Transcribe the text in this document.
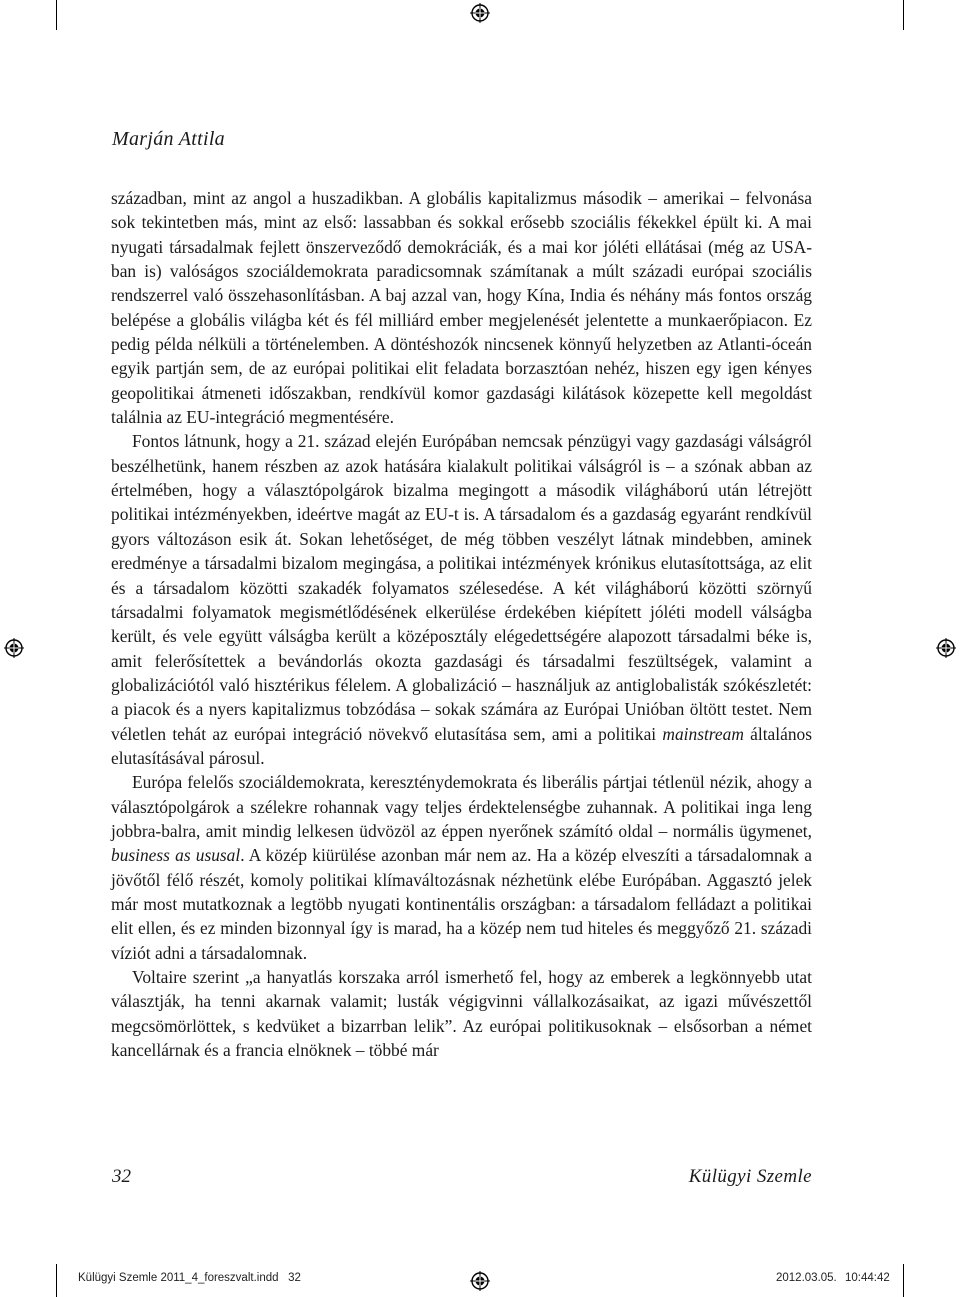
Marján Attila

században, mint az angol a huszadikban. A globális kapitalizmus második – amerikai – felvonása sok tekintetben más, mint az első: lassabban és sokkal erősebb szociális fékekkel épült ki. A mai nyugati társadalmak fejlett önszerveződő demokráciák, és a mai kor jóléti ellátásai (még az USA-ban is) valóságos szociáldemokrata paradicsomnak számítanak a múlt századi európai szociális rendszerrel való összehasonlításban. A baj azzal van, hogy Kína, India és néhány más fontos ország belépése a globális világba két és fél milliárd ember megjelenését jelentette a munkaerőpiacon. Ez pedig példa nélküli a történelemben. A döntéshozók nincsenek könnyű helyzetben az Atlanti-óceán egyik partján sem, de az európai politikai elit feladata borzasztóan nehéz, hiszen egy igen kényes geopolitikai átmeneti időszakban, rendkívül komor gazdasági kilátások közepette kell megoldást találnia az EU-integráció megmentésére.

Fontos látnunk, hogy a 21. század elején Európában nemcsak pénzügyi vagy gazdasági válságról beszélhetünk, hanem részben az azok hatására kialakult politikai válságról is – a szónak abban az értelmében, hogy a választópolgárok bizalma megingott a második világháború után létrejött politikai intézményekben, ideértve magát az EU-t is. A társadalom és a gazdaság egyaránt rendkívül gyors változáson esik át. Sokan lehetőséget, de még többen veszélyt látnak mindebben, aminek eredménye a társadalmi bizalom megingása, a politikai intézmények krónikus elutasítottsága, az elit és a társadalom közötti szakadék folyamatos szélesedése. A két világháború közötti szörnyű társadalmi folyamatok megismétlődésének elkerülése érdekében kiépített jóléti modell válságba került, és vele együtt válságba került a középosztály elégedettségére alapozott társadalmi béke is, amit felerősítettek a bevándorlás okozta gazdasági és társadalmi feszültségek, valamint a globalizációtól való hisztérikus félelem. A globalizáció – használjuk az antiglobalisták szókészletét: a piacok és a nyers kapitalizmus tobzódása – sokak számára az Európai Unióban öltött testet. Nem véletlen tehát az európai integráció növekvő elutasítása sem, ami a politikai mainstream általános elutasításával párosul.

Európa felelős szociáldemokrata, kereszténydemokrata és liberális pártjai tétlenül nézik, ahogy a választópolgárok a szélekre rohannak vagy teljes érdektelenségbe zuhannak. A politikai inga leng jobbra-balra, amit mindig lelkesen üdvözöl az éppen nyerőnek számító oldal – normális ügymenet, business as ususal. A közép kiürülése azonban már nem az. Ha a közép elveszíti a társadalomnak a jövőtől félő részét, komoly politikai klímaváltozásnak nézhetünk elébe Európában. Aggasztó jelek már most mutatkoznak a legtöbb nyugati kontinentális országban: a társadalom felládazt a politikai elit ellen, és ez minden bizonnyal így is marad, ha a közép nem tud hiteles és meggyőző 21. századi víziót adni a társadalomnak.

Voltaire szerint „a hanyatlás korszaka arról ismerhető fel, hogy az emberek a legkönnyebb utat választják, ha tenni akarnak valamit; lusták végigvinni vállalkozásaikat, az igazi művészettől megcsömörlöttek, s kedvüket a bizarrban lelik”. Az európai politikusoknak – elsősorban a német kancellárnak és a francia elnöknek – többé már

32	Külügyi Szemle
Külügyi Szemle 2011_4_foreszvalt.indd   32	2012.03.05. 10:44:42
